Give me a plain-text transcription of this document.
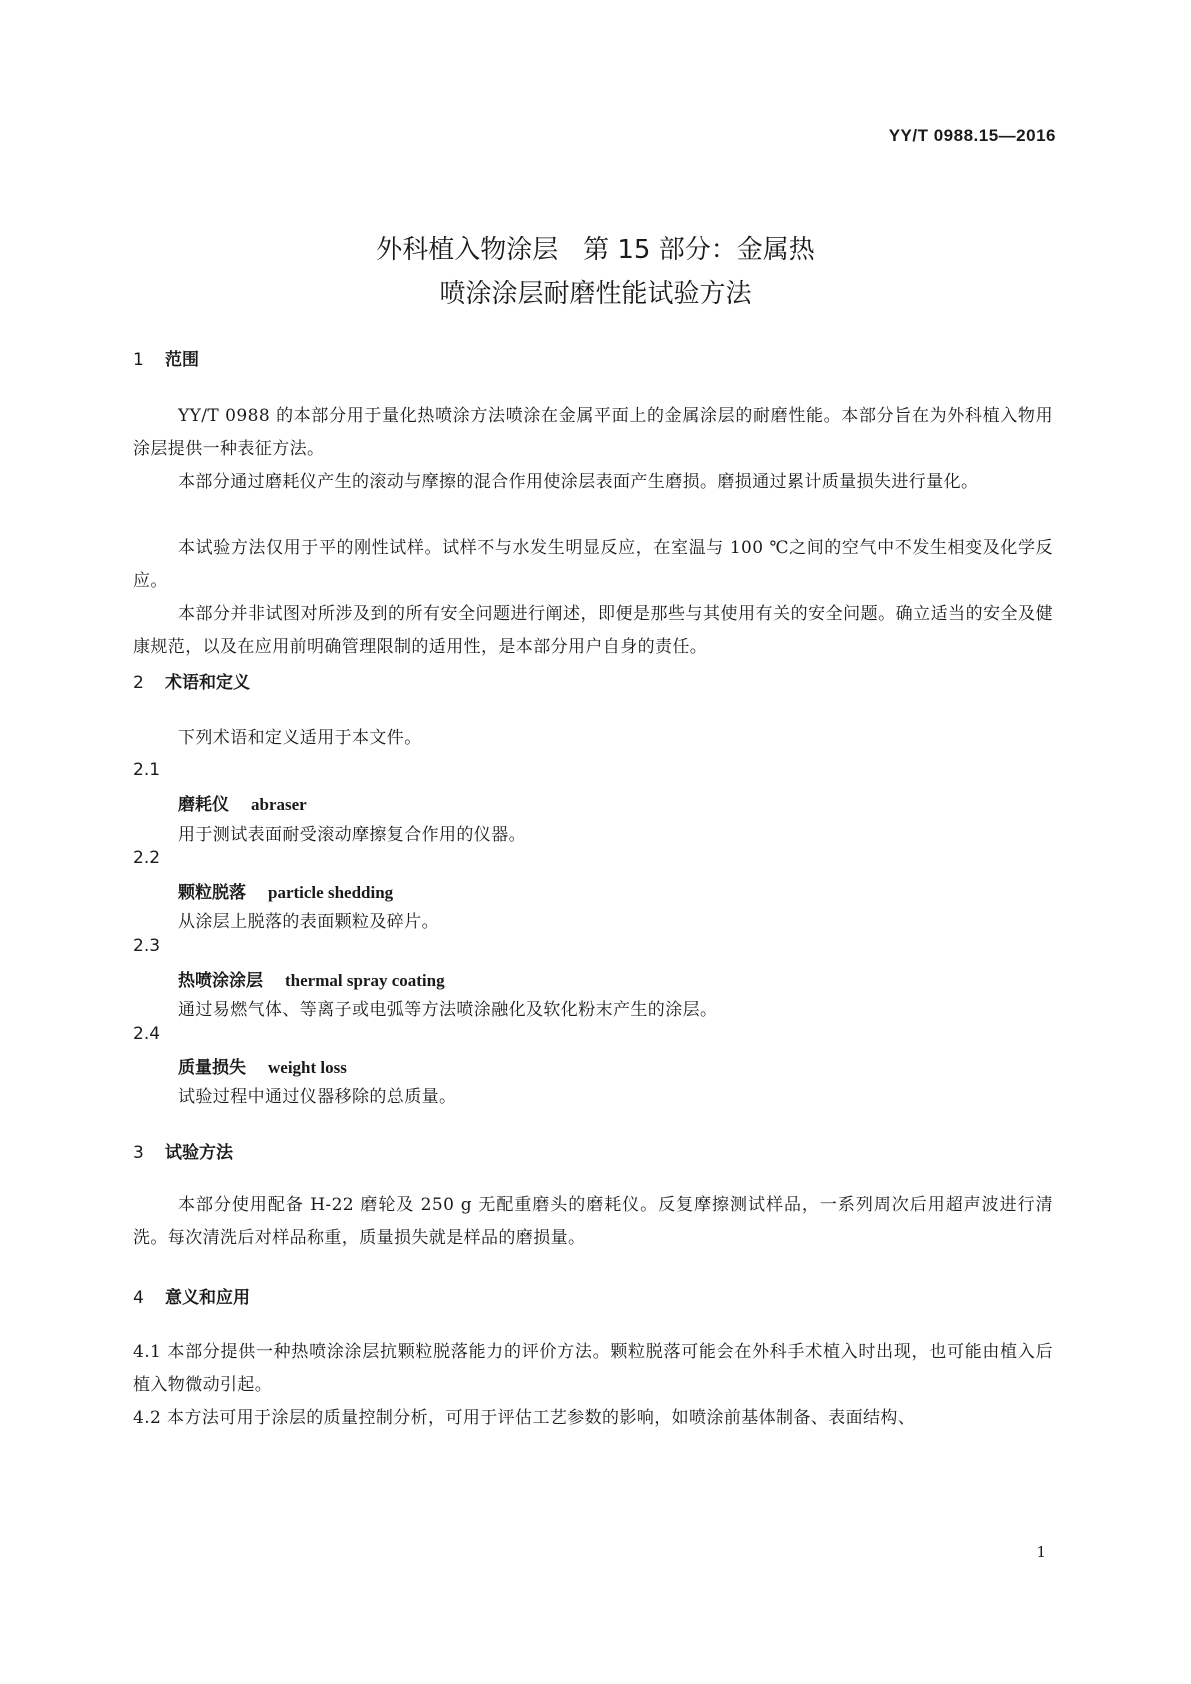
YY/T 0988.15—2016
外科植入物涂层   第 15 部分：金属热
喷涂涂层耐磨性能试验方法
1 范围

YY/T 0988 的本部分用于量化热喷涂方法喷涂在金属平面上的金属涂层的耐磨性能。本部分旨在为外科植入物用涂层提供一种表征方法。

本部分通过磨耗仪产生的滚动与摩擦的混合作用使涂层表面产生磨损。磨损通过累计质量损失进行量化。

本试验方法仅用于平的刚性试样。试样不与水发生明显反应，在室温与 100 ℃之间的空气中不发生相变及化学反应。

本部分并非试图对所涉及到的所有安全问题进行阐述，即便是那些与其使用有关的安全问题。确立适当的安全及健康规范，以及在应用前明确管理限制的适用性，是本部分用户自身的责任。

2 术语和定义

下列术语和定义适用于本文件。

2.1
磨耗仪 abraser
用于测试表面耐受滚动摩擦复合作用的仪器。
2.2
颗粒脱落 particle shedding
从涂层上脱落的表面颗粒及碎片。
2.3
热喷涂涂层 thermal spray coating
通过易燃气体、等离子或电弧等方法喷涂融化及软化粉末产生的涂层。
2.4
质量损失 weight loss
试验过程中通过仪器移除的总质量。
3 试验方法

本部分使用配备 H-22 磨轮及 250 g 无配重磨头的磨耗仪。反复摩擦测试样品，一系列周次后用超声波进行清洗。每次清洗后对样品称重，质量损失就是样品的磨损量。

4 意义和应用

4.1 本部分提供一种热喷涂涂层抗颗粒脱落能力的评价方法。颗粒脱落可能会在外科手术植入时出现，也可能由植入后植入物微动引起。

4.2 本方法可用于涂层的质量控制分析，可用于评估工艺参数的影响，如喷涂前基体制备、表面结构、

1
